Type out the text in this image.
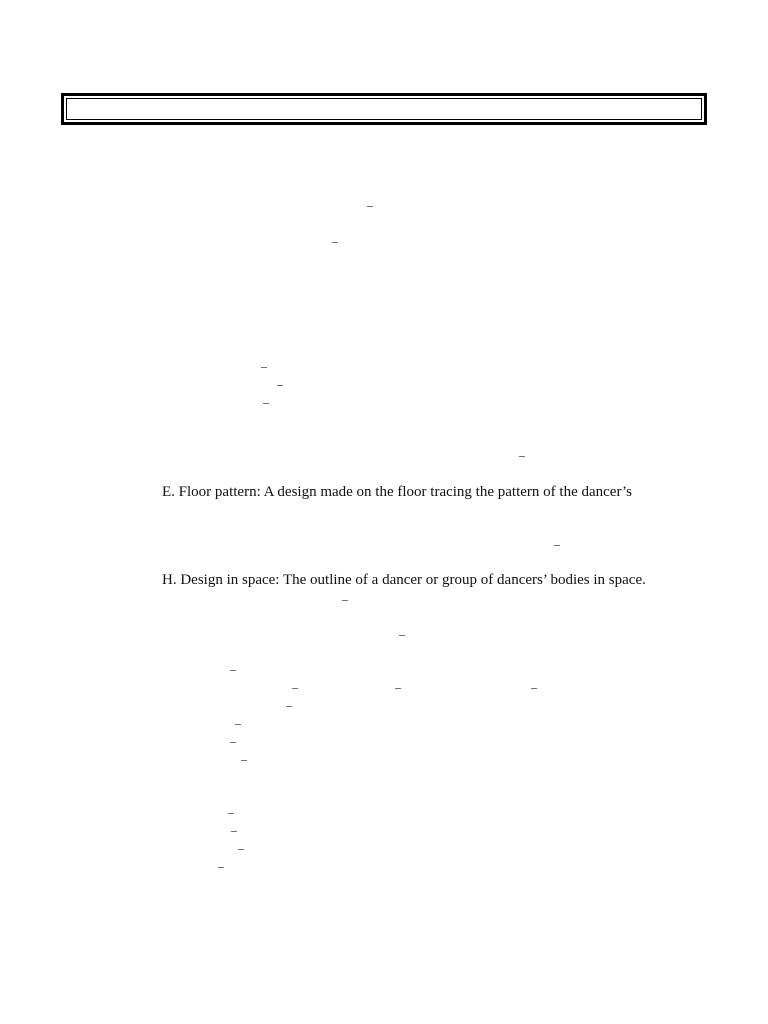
–
–
–
–
–
–
E. Floor pattern: A design made on the floor tracing the pattern of the dancer’s
–
H. Design in space: The outline of a dancer or group of dancers’ bodies in space.
–
–
–
–	–	–
–
–
–
–
–
–
–
–
